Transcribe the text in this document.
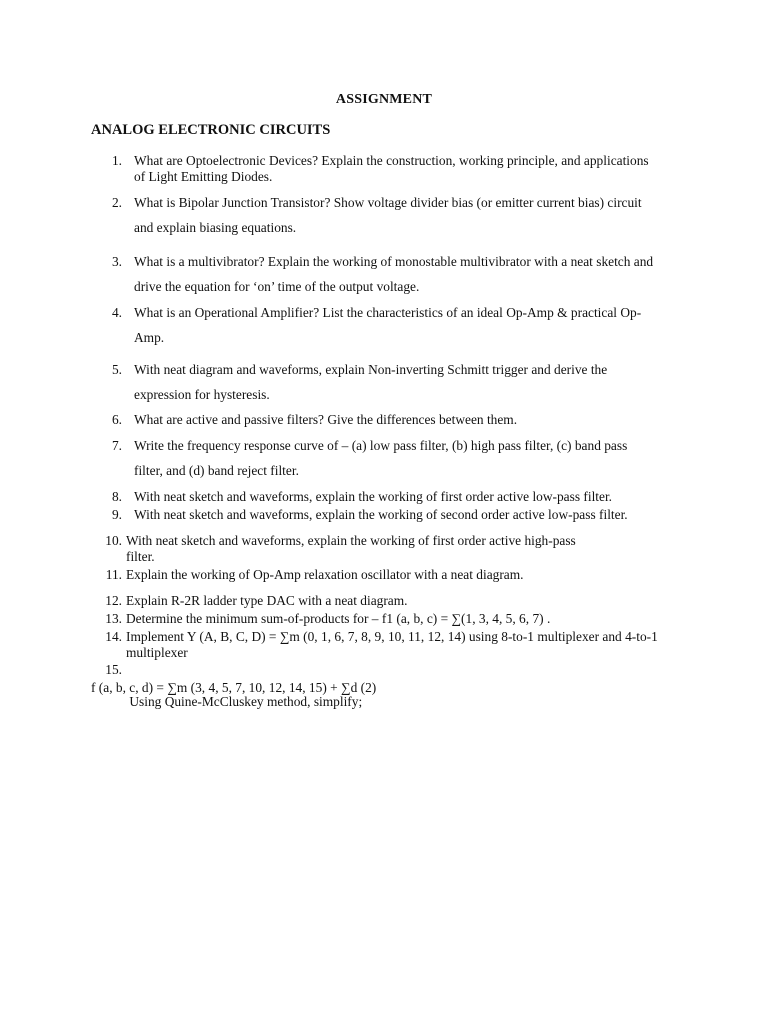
ASSIGNMENT
ANALOG ELECTRONIC CIRCUITS
1. What are Optoelectronic Devices? Explain the construction, working principle, and applications
of Light Emitting Diodes.
2. What is Bipolar Junction Transistor? Show voltage divider bias (or emitter current bias) circuit
and explain biasing equations.
3. What is a multivibrator? Explain the working of monostable multivibrator with a neat sketch and
drive the equation for ‘on’ time of the output voltage.
4. What is an Operational Amplifier? List the characteristics of an ideal Op-Amp & practical Op-
Amp.
5. With neat diagram and waveforms, explain Non-inverting Schmitt trigger and derive the
expression for hysteresis.
6. What are active and passive filters? Give the differences between them.
7. Write the frequency response curve of – (a) low pass filter, (b) high pass filter, (c) band pass
filter, and (d) band reject filter.
8. With neat sketch and waveforms, explain the working of first order active low-pass filter.
9. With neat sketch and waveforms, explain the working of second order active low-pass filter.
10. With neat sketch and waveforms, explain the working of first order active high-pass
filter.
11. Explain the working of Op-Amp relaxation oscillator with a neat diagram.
12. Explain R-2R ladder type DAC with a neat diagram.
13. Determine the minimum sum-of-products for – f1 (a, b, c) = ∑(1, 3, 4, 5, 6, 7) .
14. Implement Y (A, B, C, D) = ∑m (0, 1, 6, 7, 8, 9, 10, 11, 12, 14) using 8-to-1 multiplexer and 4-to-1
multiplexer
15.

Using Quine-McCluskey method, simplify;

f (a, b, c, d) = ∑m (3, 4, 5, 7, 10, 12, 14, 15) + ∑d (2)
